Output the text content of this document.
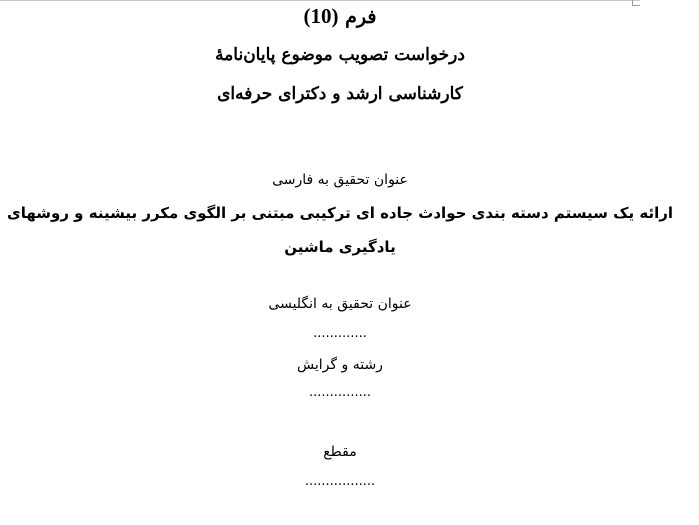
فرم (10)
درخواست تصویب موضوع پایان‌نامهٔ
کارشناسی ارشد و دکترای حرفه‌ای
عنوان تحقیق به فارسی
ارائه یک سیستم دسته بندی حوادث جاده ای ترکیبی مبتنی بر الگوی مکرر بیشینه و روشهای
یادگیری ماشین
عنوان تحقیق به انگلیسی
.............
رشته و گرایش
...............
مقطع
.................
